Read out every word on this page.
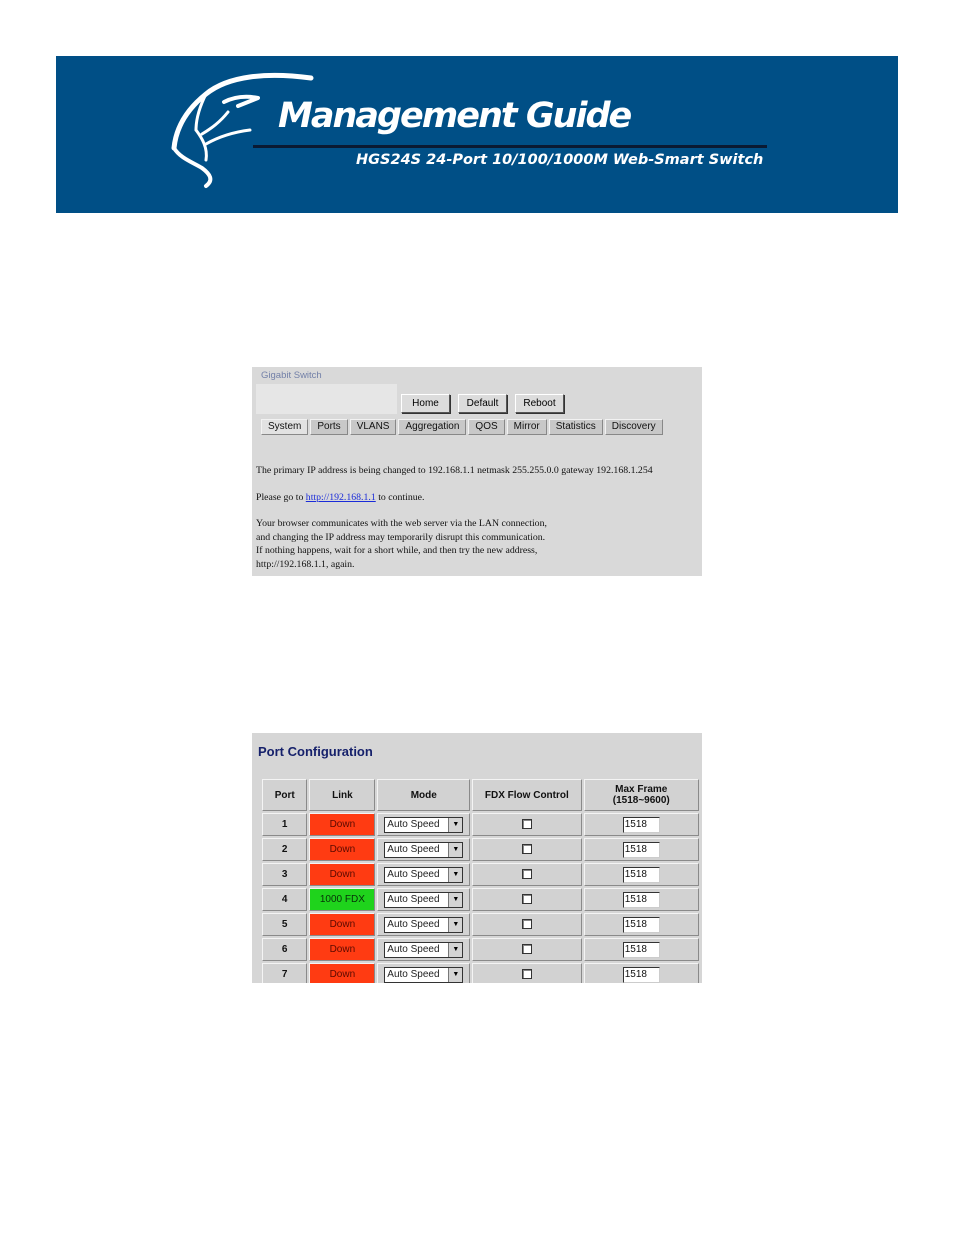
Management Guide
HGS24S 24-Port 10/100/1000M Web-Smart Switch
Gigabit Switch
Home	Default	Reboot
System	Ports	VLANS	Aggregation	QOS	Mirror	Statistics	Discovery

The primary IP address is being changed to 192.168.1.1 netmask 255.255.0.0 gateway 192.168.1.254

Please go to http://192.168.1.1 to continue.

Your browser communicates with the web server via the LAN connection,

and changing the IP address may temporarily disrupt this communication.

If nothing happens, wait for a short while, and then try the new address,

http://192.168.1.1, again.

Port Configuration
Port	Link	Mode	FDX Flow Control	Max Frame
(1518~9600)
1	Down	Auto Speed ▼		1518
2	Down	Auto Speed ▼		1518
3	Down	Auto Speed ▼		1518
4	1000 FDX	Auto Speed ▼		1518
5	Down	Auto Speed ▼		1518
6	Down	Auto Speed ▼		1518
7	Down	Auto Speed ▼		1518
